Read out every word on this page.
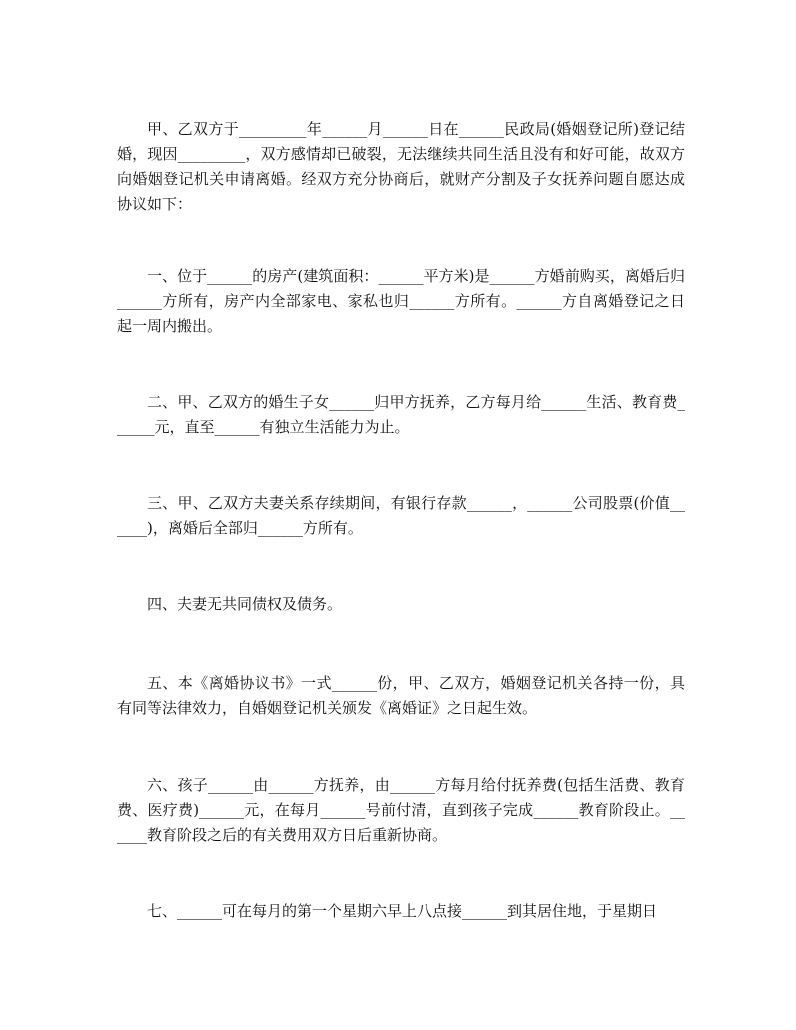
甲、乙双方于_________年______月______日在______民政局(婚姻登记所)登记结婚，现因_________，双方感情却已破裂，无法继续共同生活且没有和好可能，故双方向婚姻登记机关申请离婚。经双方充分协商后，就财产分割及子女抚养问题自愿达成协议如下：

一、位于______的房产(建筑面积：______平方米)是______方婚前购买，离婚后归______方所有，房产内全部家电、家私也归______方所有。______方自离婚登记之日起一周内搬出。

二、甲、乙双方的婚生子女______归甲方抚养，乙方每月给______生活、教育费______元，直至______有独立生活能力为止。

三、甲、乙双方夫妻关系存续期间，有银行存款______，______公司股票(价值______)，离婚后全部归______方所有。

四、夫妻无共同债权及债务。

五、本《离婚协议书》一式______份，甲、乙双方，婚姻登记机关各持一份，具有同等法律效力，自婚姻登记机关颁发《离婚证》之日起生效。

六、孩子______由______方抚养，由______方每月给付抚养费(包括生活费、教育费、医疗费)______元，在每月______号前付清，直到孩子完成______教育阶段止。______教育阶段之后的有关费用双方日后重新协商。

七、______可在每月的第一个星期六早上八点接______到其居住地，于星期日
